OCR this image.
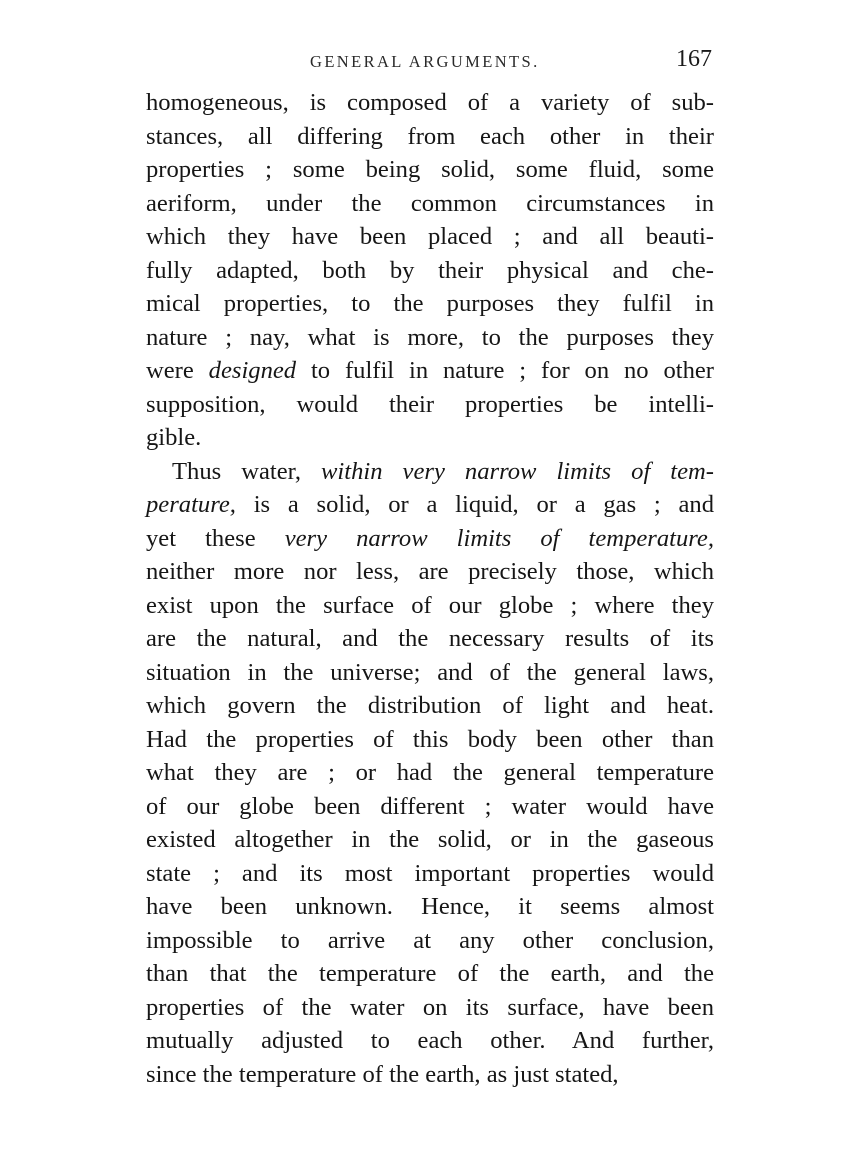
GENERAL ARGUMENTS.	167
homogeneous, is composed of a variety of sub-
stances, all differing from each other in their
properties ; some being solid, some fluid, some
aeriform, under the common circumstances in
which they have been placed ; and all beauti-
fully adapted, both by their physical and che-
mical properties, to the purposes they fulfil in
nature ; nay, what is more, to the purposes they
were designed to fulfil in nature ; for on no other
supposition, would their properties be intelli-
gible.
Thus water, within very narrow limits of tem-
perature, is a solid, or a liquid, or a gas ; and
yet these very narrow limits of temperature,
neither more nor less, are precisely those, which
exist upon the surface of our globe ; where they
are the natural, and the necessary results of its
situation in the universe; and of the general laws,
which govern the distribution of light and heat.
Had the properties of this body been other than
what they are ; or had the general temperature
of our globe been different ; water would have
existed altogether in the solid, or in the gaseous
state ; and its most important properties would
have been unknown. Hence, it seems almost
impossible to arrive at any other conclusion,
than that the temperature of the earth, and the
properties of the water on its surface, have been
mutually adjusted to each other. And further,
since the temperature of the earth, as just stated,
